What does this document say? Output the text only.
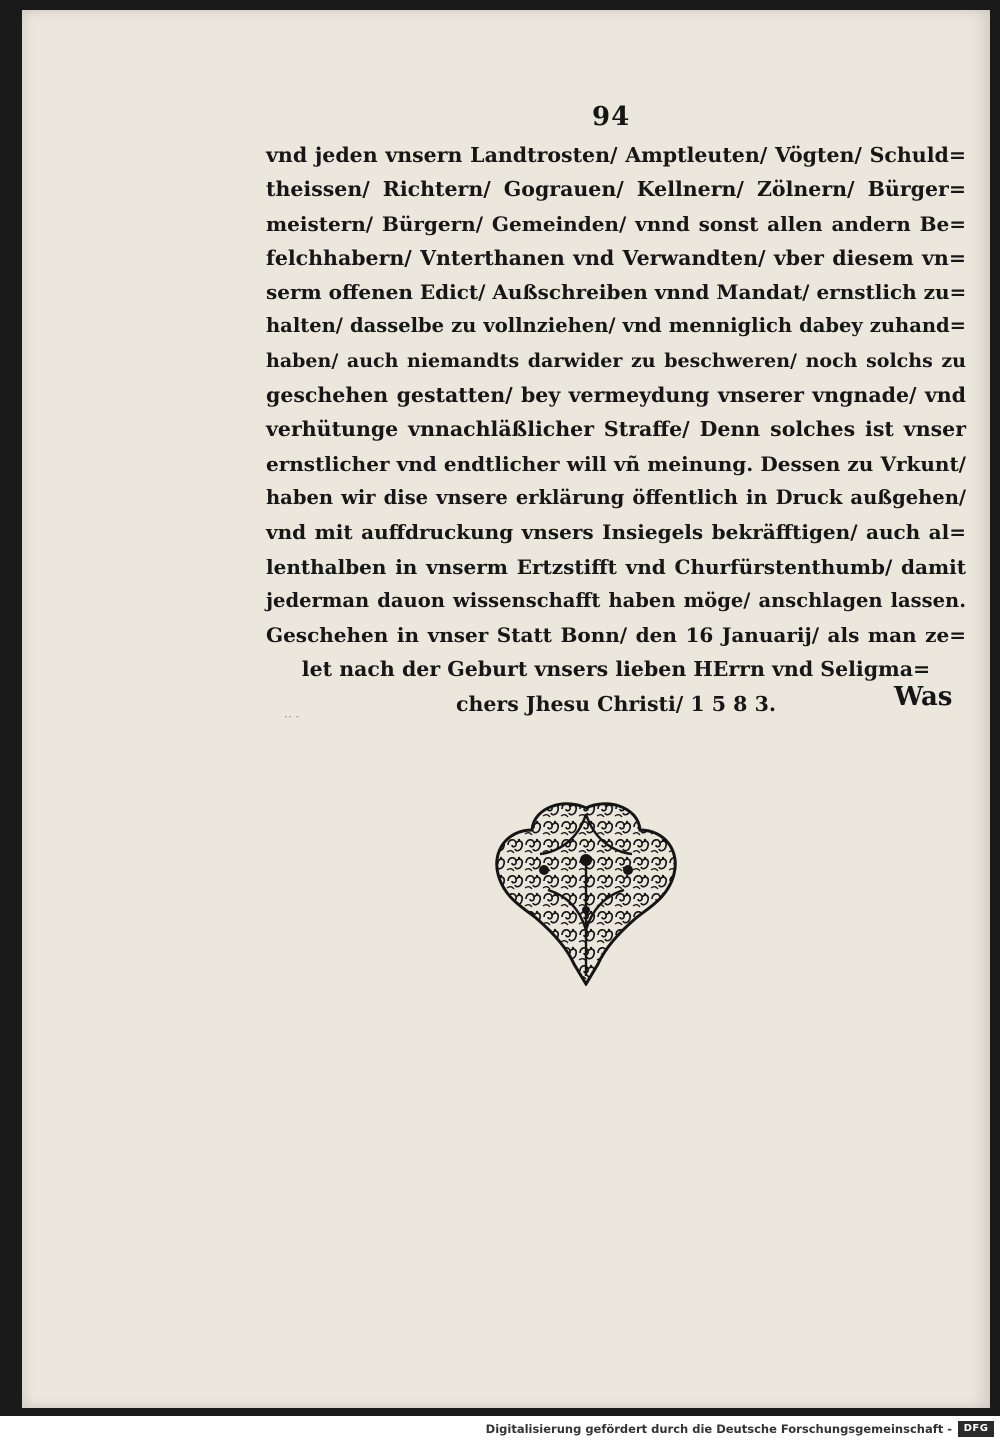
94
vnd jeden vnsern Landtrosten/ Amptleuten/ Vögten/ Schuld=
theissen/ Richtern/ Gograuen/ Kellnern/ Zölnern/ Bürger=
meistern/ Bürgern/ Gemeinden/ vnnd sonst allen andern Be=
felchhabern/ Vnterthanen vnd Verwandten/ vber diesem vn=
serm offenen Edict/ Außschreiben vnnd Mandat/ ernstlich zu=
halten/ dasselbe zu vollnziehen/ vnd menniglich dabey zuhand=
haben/ auch niemandts darwider zu beschweren/ noch solchs zu
geschehen gestatten/ bey vermeydung vnserer vngnade/ vnd
verhütunge vnnachläßlicher Straffe/ Denn solches ist vnser
ernstlicher vnd endtlicher will vñ meinung. Dessen zu Vrkunt/
haben wir dise vnsere erklärung öffentlich in Druck außgehen/
vnd mit auffdruckung vnsers Insiegels bekräfftigen/ auch al=
lenthalben in vnserm Ertzstifft vnd Churfürstenthumb/ damit
jederman dauon wissenschafft haben möge/ anschlagen lassen.
Geschehen in vnser Statt Bonn/ den 16 Januarij/ als man ze=
let nach der Geburt vnsers lieben HErrn vnd Seligma=
chers Jhesu Christi/ 1 5 8 3.	Was
·· ·
Digitalisierung gefördert durch die Deutsche Forschungsgemeinschaft -	DFG
